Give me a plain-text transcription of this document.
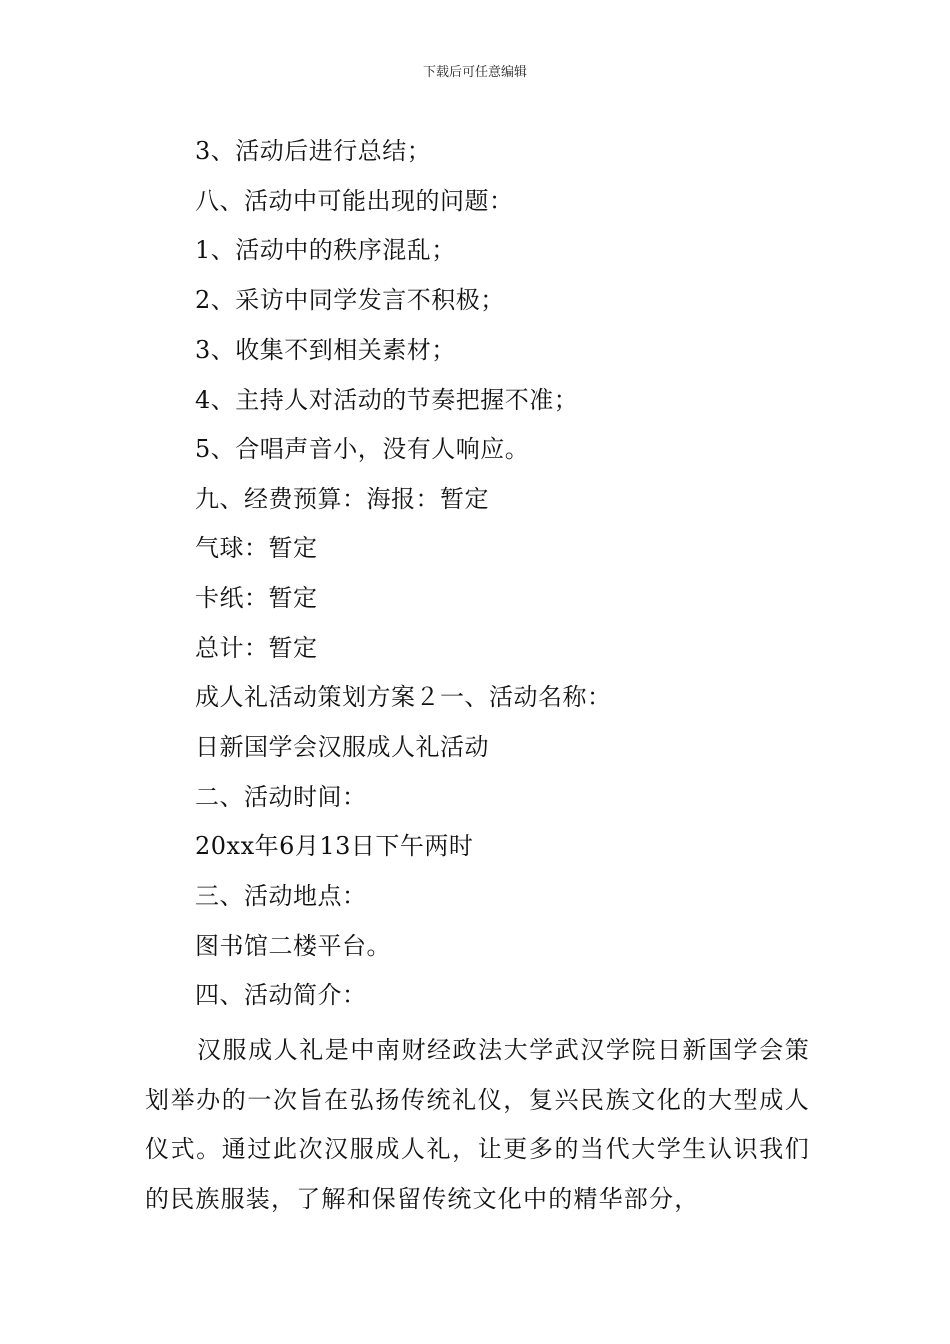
下载后可任意编辑
3、活动后进行总结；
八、活动中可能出现的问题：
1、活动中的秩序混乱；
2、采访中同学发言不积极；
3、收集不到相关素材；
4、主持人对活动的节奏把握不准；
5、合唱声音小，没有人响应。
九、经费预算：海报：暂定
气球：暂定
卡纸：暂定
总计：暂定
成人礼活动策划方案２一、活动名称：
日新国学会汉服成人礼活动
二、活动时间：
20xx年6月13日下午两时
三、活动地点：
图书馆二楼平台。
四、活动简介：
汉服成人礼是中南财经政法大学武汉学院日新国学会策划举办的一次旨在弘扬传统礼仪，复兴民族文化的大型成人仪式。通过此次汉服成人礼，让更多的当代大学生认识我们的民族服装，了解和保留传统文化中的精华部分，
